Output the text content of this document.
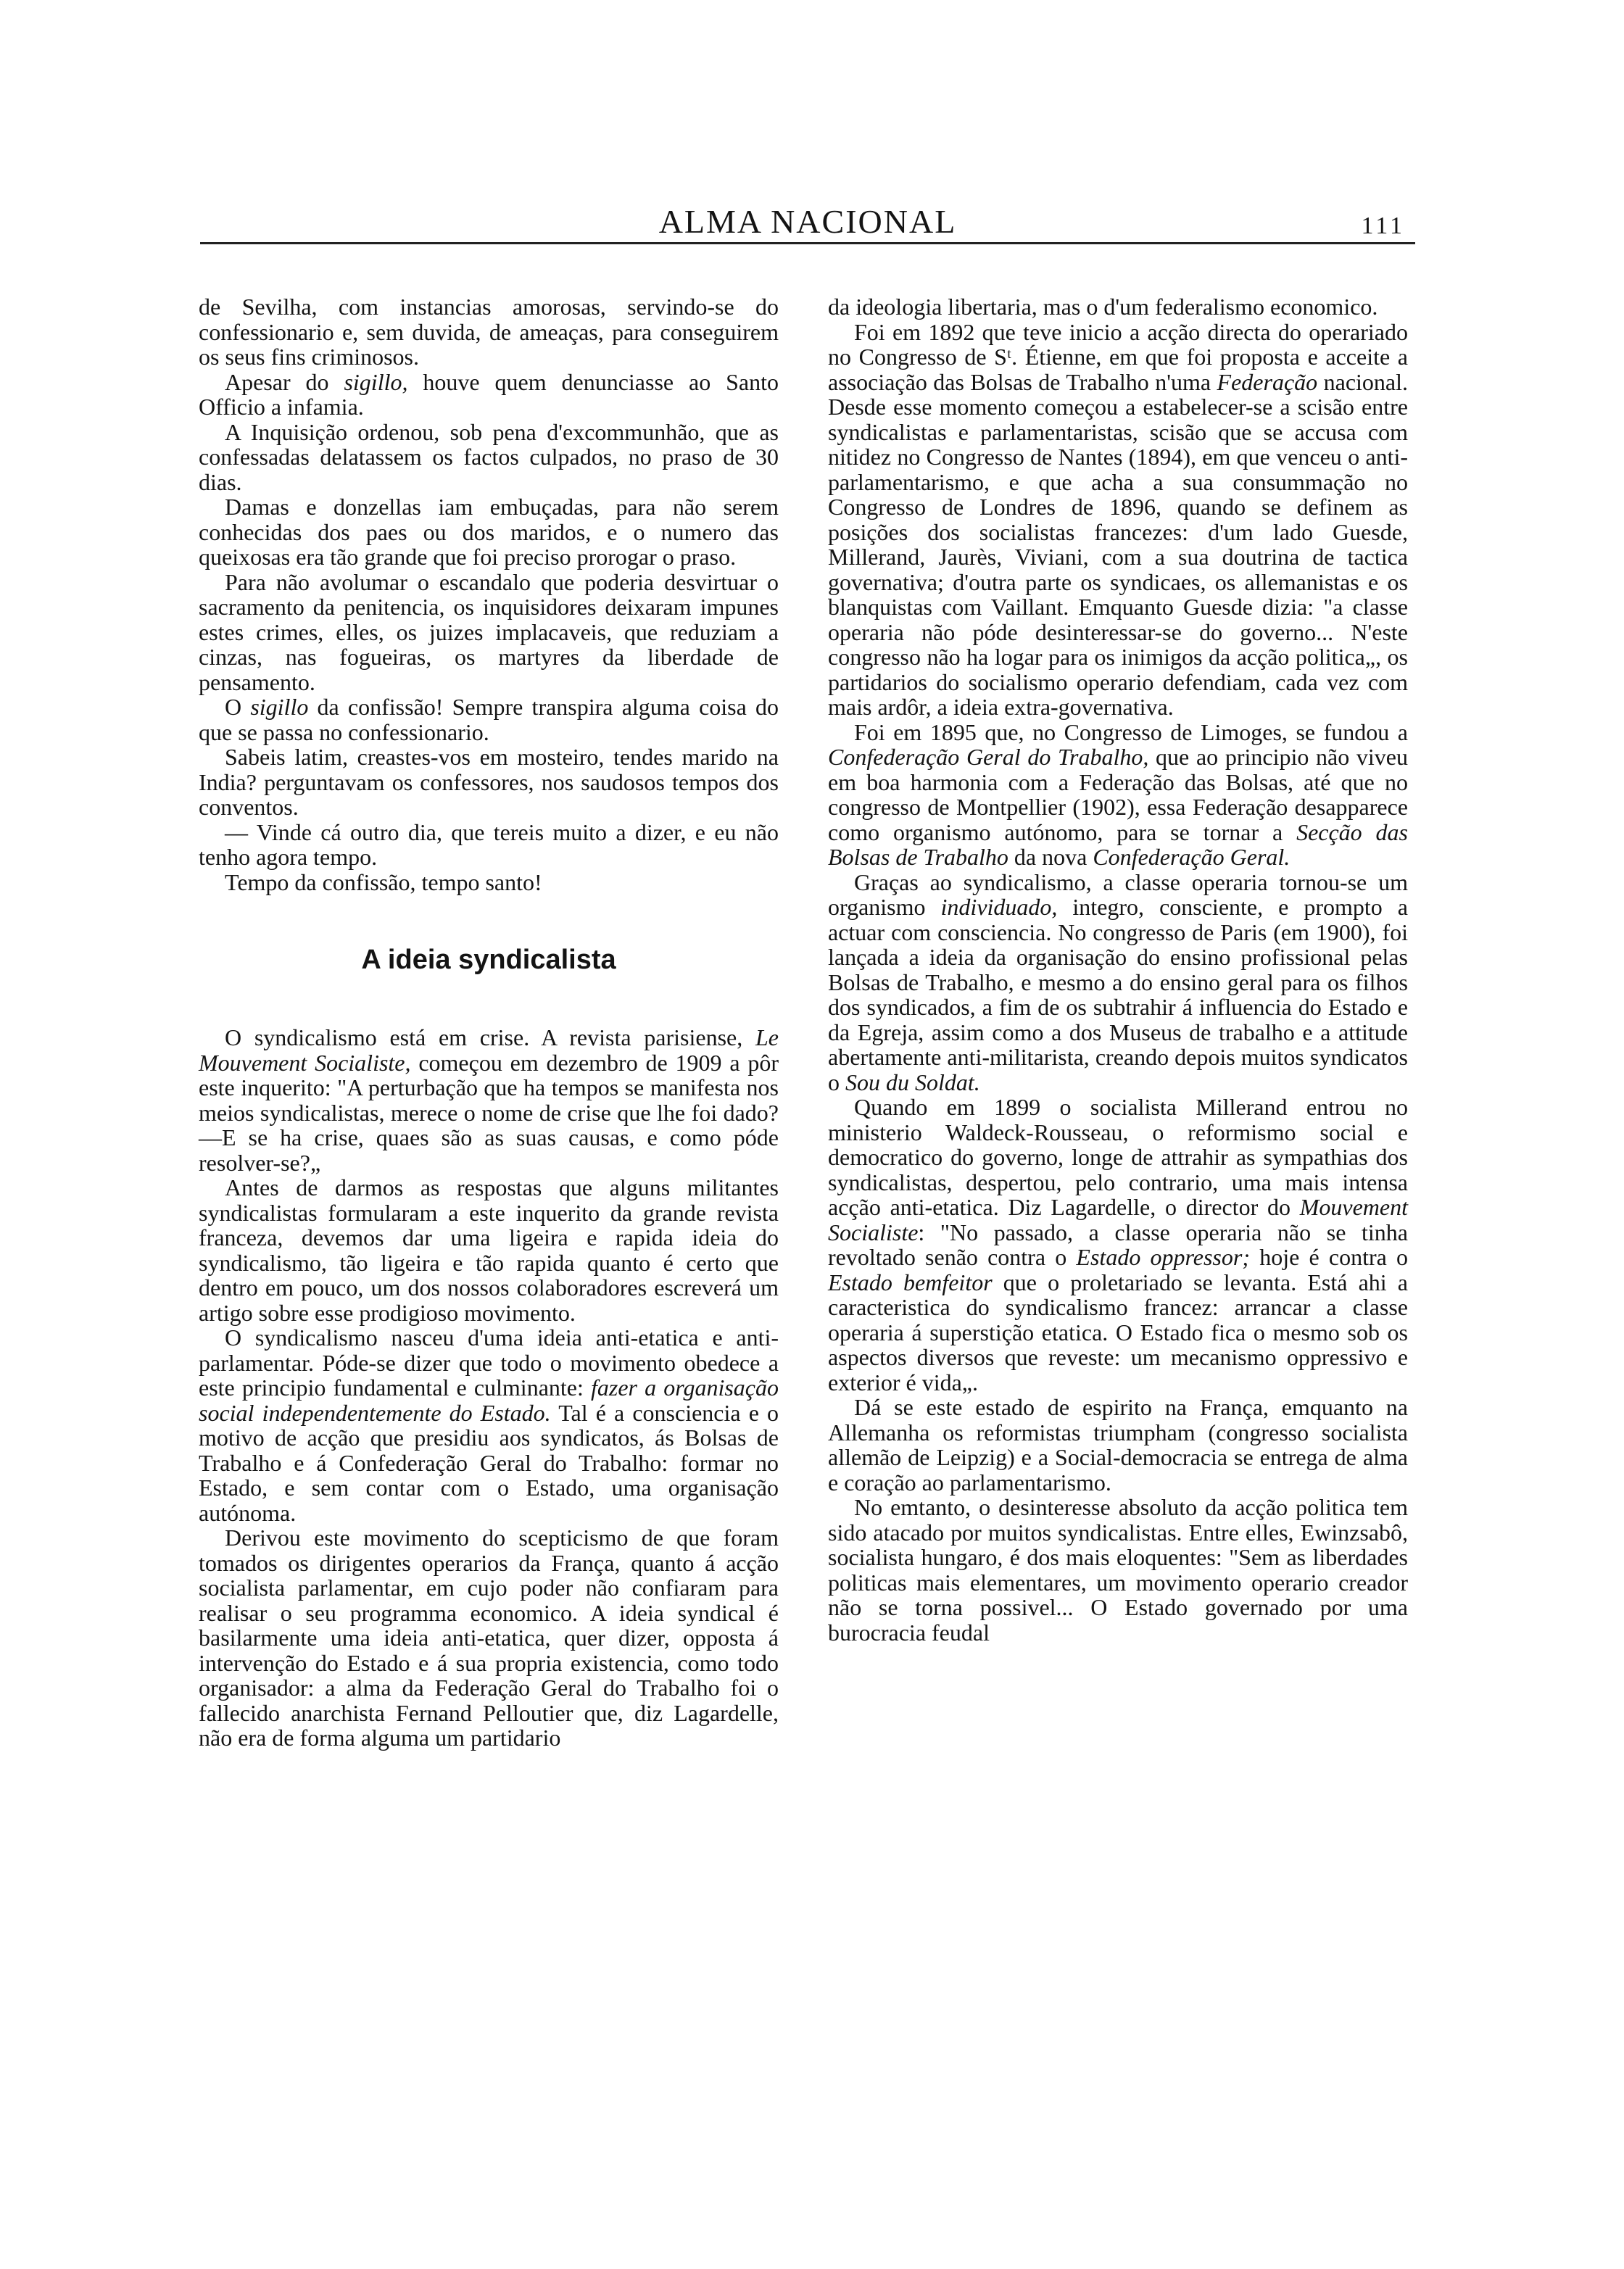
ALMA NACIONAL	111

de Sevilha, com instancias amorosas, servindo-se do confessionario e, sem duvida, de ameaças, para conseguirem os seus fins criminosos.

Apesar do sigillo, houve quem denunciasse ao Santo Officio a infamia.

A Inquisição ordenou, sob pena d'excommunhão, que as confessadas delatassem os factos culpados, no praso de 30 dias.

Damas e donzellas iam embuçadas, para não serem conhecidas dos paes ou dos maridos, e o numero das queixosas era tão grande que foi preciso prorogar o praso.

Para não avolumar o escandalo que poderia desvirtuar o sacramento da penitencia, os inquisidores deixaram impunes estes crimes, elles, os juizes implacaveis, que reduziam a cinzas, nas fogueiras, os martyres da liberdade de pensamento.

O sigillo da confissão! Sempre transpira alguma coisa do que se passa no confessionario.

Sabeis latim, creastes-vos em mosteiro, tendes marido na India? perguntavam os confessores, nos saudosos tempos dos conventos.

— Vinde cá outro dia, que tereis muito a dizer, e eu não tenho agora tempo.

Tempo da confissão, tempo santo!

A ideia syndicalista

O syndicalismo está em crise. A revista parisiense, Le Mouvement Socialiste, começou em dezembro de 1909 a pôr este inquerito: "A perturbação que ha tempos se manifesta nos meios syndicalistas, merece o nome de crise que lhe foi dado?—E se ha crise, quaes são as suas causas, e como póde resolver-se?„

Antes de darmos as respostas que alguns militantes syndicalistas formularam a este inquerito da grande revista franceza, devemos dar uma ligeira e rapida ideia do syndicalismo, tão ligeira e tão rapida quanto é certo que dentro em pouco, um dos nossos colaboradores escreverá um artigo sobre esse prodigioso movimento.

O syndicalismo nasceu d'uma ideia anti-etatica e anti-parlamentar. Póde-se dizer que todo o movimento obedece a este principio fundamental e culminante: fazer a organisação social independentemente do Estado. Tal é a consciencia e o motivo de acção que presidiu aos syndicatos, ás Bolsas de Trabalho e á Confederação Geral do Trabalho: formar no Estado, e sem contar com o Estado, uma organisação autónoma.

Derivou este movimento do scepticismo de que foram tomados os dirigentes operarios da França, quanto á acção socialista parlamentar, em cujo poder não confiaram para realisar o seu programma economico. A ideia syndical é basilarmente uma ideia anti-etatica, quer dizer, opposta á intervenção do Estado e á sua propria existencia, como todo organisador: a alma da Federação Geral do Trabalho foi o fallecido anarchista Fernand Pelloutier que, diz Lagardelle, não era de forma alguma um partidario

da ideologia libertaria, mas o d'um federalismo economico.

Foi em 1892 que teve inicio a acção directa do operariado no Congresso de Sᵗ. Étienne, em que foi proposta e acceite a associação das Bolsas de Trabalho n'uma Federação nacional. Desde esse momento começou a estabelecer-se a scisão entre syndicalistas e parlamentaristas, scisão que se accusa com nitidez no Congresso de Nantes (1894), em que venceu o anti-parlamentarismo, e que acha a sua consummação no Congresso de Londres de 1896, quando se definem as posições dos socialistas francezes: d'um lado Guesde, Millerand, Jaurès, Viviani, com a sua doutrina de tactica governativa; d'outra parte os syndicaes, os allemanistas e os blanquistas com Vaillant. Emquanto Guesde dizia: "a classe operaria não póde desinteressar-se do governo... N'este congresso não ha logar para os inimigos da acção politica„, os partidarios do socialismo operario defendiam, cada vez com mais ardôr, a ideia extra-governativa.

Foi em 1895 que, no Congresso de Limoges, se fundou a Confederação Geral do Trabalho, que ao principio não viveu em boa harmonia com a Federação das Bolsas, até que no congresso de Montpellier (1902), essa Federação desapparece como organismo autónomo, para se tornar a Secção das Bolsas de Trabalho da nova Confederação Geral.

Graças ao syndicalismo, a classe operaria tornou-se um organismo individuado, integro, consciente, e prompto a actuar com consciencia. No congresso de Paris (em 1900), foi lançada a ideia da organisação do ensino profissional pelas Bolsas de Trabalho, e mesmo a do ensino geral para os filhos dos syndicados, a fim de os subtrahir á influencia do Estado e da Egreja, assim como a dos Museus de trabalho e a attitude abertamente anti-militarista, creando depois muitos syndicatos o Sou du Soldat.

Quando em 1899 o socialista Millerand entrou no ministerio Waldeck-Rousseau, o reformismo social e democratico do governo, longe de attrahir as sympathias dos syndicalistas, despertou, pelo contrario, uma mais intensa acção anti-etatica. Diz Lagardelle, o director do Mouvement Socialiste: "No passado, a classe operaria não se tinha revoltado senão contra o Estado oppressor; hoje é contra o Estado bemfeitor que o proletariado se levanta. Está ahi a caracteristica do syndicalismo francez: arrancar a classe operaria á superstição etatica. O Estado fica o mesmo sob os aspectos diversos que reveste: um mecanismo oppressivo e exterior é vida„.

Dá se este estado de espirito na França, emquanto na Allemanha os reformistas triumpham (congresso socialista allemão de Leipzig) e a Social-democracia se entrega de alma e coração ao parlamentarismo.

No emtanto, o desinteresse absoluto da acção politica tem sido atacado por muitos syndicalistas. Entre elles, Ewinzsabô, socialista hungaro, é dos mais eloquentes: "Sem as liberdades politicas mais elementares, um movimento operario creador não se torna possivel... O Estado governado por uma burocracia feudal
